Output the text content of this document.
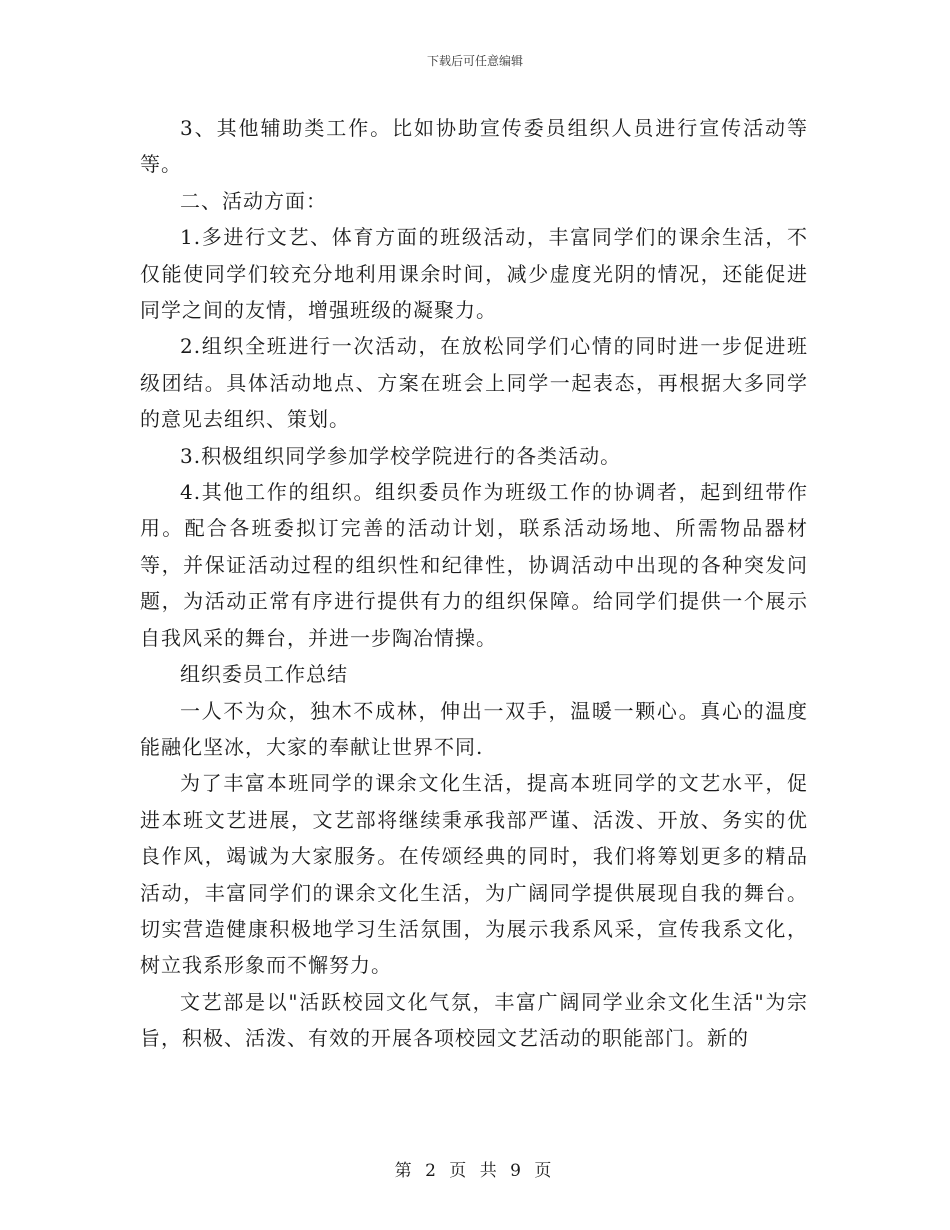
下载后可任意编辑

3、其他辅助类工作。比如协助宣传委员组织人员进行宣传活动等等。

二、活动方面：

1.多进行文艺、体育方面的班级活动，丰富同学们的课余生活，不仅能使同学们较充分地利用课余时间，减少虚度光阴的情况，还能促进同学之间的友情，增强班级的凝聚力。

2.组织全班进行一次活动，在放松同学们心情的同时进一步促进班级团结。具体活动地点、方案在班会上同学一起表态，再根据大多同学的意见去组织、策划。

3.积极组织同学参加学校学院进行的各类活动。

4.其他工作的组织。组织委员作为班级工作的协调者，起到纽带作用。配合各班委拟订完善的活动计划，联系活动场地、所需物品器材等，并保证活动过程的组织性和纪律性，协调活动中出现的各种突发问题，为活动正常有序进行提供有力的组织保障。给同学们提供一个展示自我风采的舞台，并进一步陶冶情操。

组织委员工作总结

一人不为众，独木不成林，伸出一双手，温暖一颗心。真心的温度能融化坚冰，大家的奉献让世界不同.

为了丰富本班同学的课余文化生活，提高本班同学的文艺水平，促进本班文艺进展，文艺部将继续秉承我部严谨、活泼、开放、务实的优良作风，竭诚为大家服务。在传颂经典的同时，我们将筹划更多的精品活动，丰富同学们的课余文化生活，为广阔同学提供展现自我的舞台。切实营造健康积极地学习生活氛围，为展示我系风采，宣传我系文化，树立我系形象而不懈努力。

文艺部是以"活跃校园文化气氛，丰富广阔同学业余文化生活"为宗旨，积极、活泼、有效的开展各项校园文艺活动的职能部门。新的

第 2 页 共 9 页
